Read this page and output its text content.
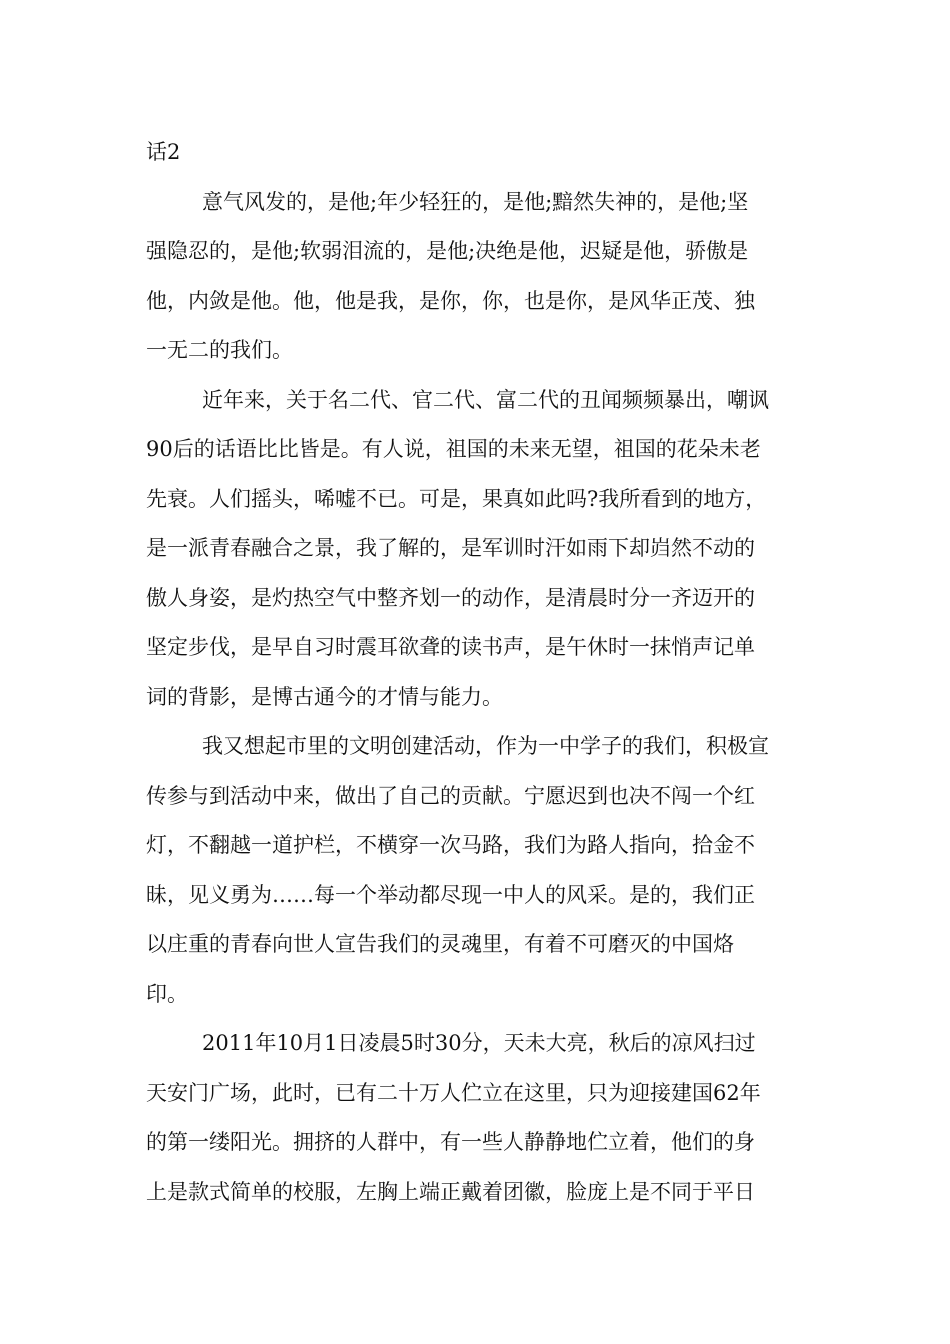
话2
意气风发的，是他;年少轻狂的，是他;黯然失神的，是他;坚
强隐忍的，是他;软弱泪流的，是他;决绝是他，迟疑是他，骄傲是
他，内敛是他。他，他是我，是你，你，也是你，是风华正茂、独
一无二的我们。
近年来，关于名二代、官二代、富二代的丑闻频频暴出，嘲讽
90后的话语比比皆是。有人说，祖国的未来无望，祖国的花朵未老
先衰。人们摇头，唏嘘不已。可是，果真如此吗?我所看到的地方，
是一派青春融合之景，我了解的，是军训时汗如雨下却岿然不动的
傲人身姿，是灼热空气中整齐划一的动作，是清晨时分一齐迈开的
坚定步伐，是早自习时震耳欲聋的读书声，是午休时一抹悄声记单
词的背影，是博古通今的才情与能力。
我又想起市里的文明创建活动，作为一中学子的我们，积极宣
传参与到活动中来，做出了自己的贡献。宁愿迟到也决不闯一个红
灯，不翻越一道护栏，不横穿一次马路，我们为路人指向，拾金不
昧，见义勇为……每一个举动都尽现一中人的风采。是的，我们正
以庄重的青春向世人宣告我们的灵魂里，有着不可磨灭的中国烙
印。
2011年10月1日凌晨5时30分，天未大亮，秋后的凉风扫过
天安门广场，此时，已有二十万人伫立在这里，只为迎接建国62年
的第一缕阳光。拥挤的人群中，有一些人静静地伫立着，他们的身
上是款式简单的校服，左胸上端正戴着团徽，脸庞上是不同于平日
